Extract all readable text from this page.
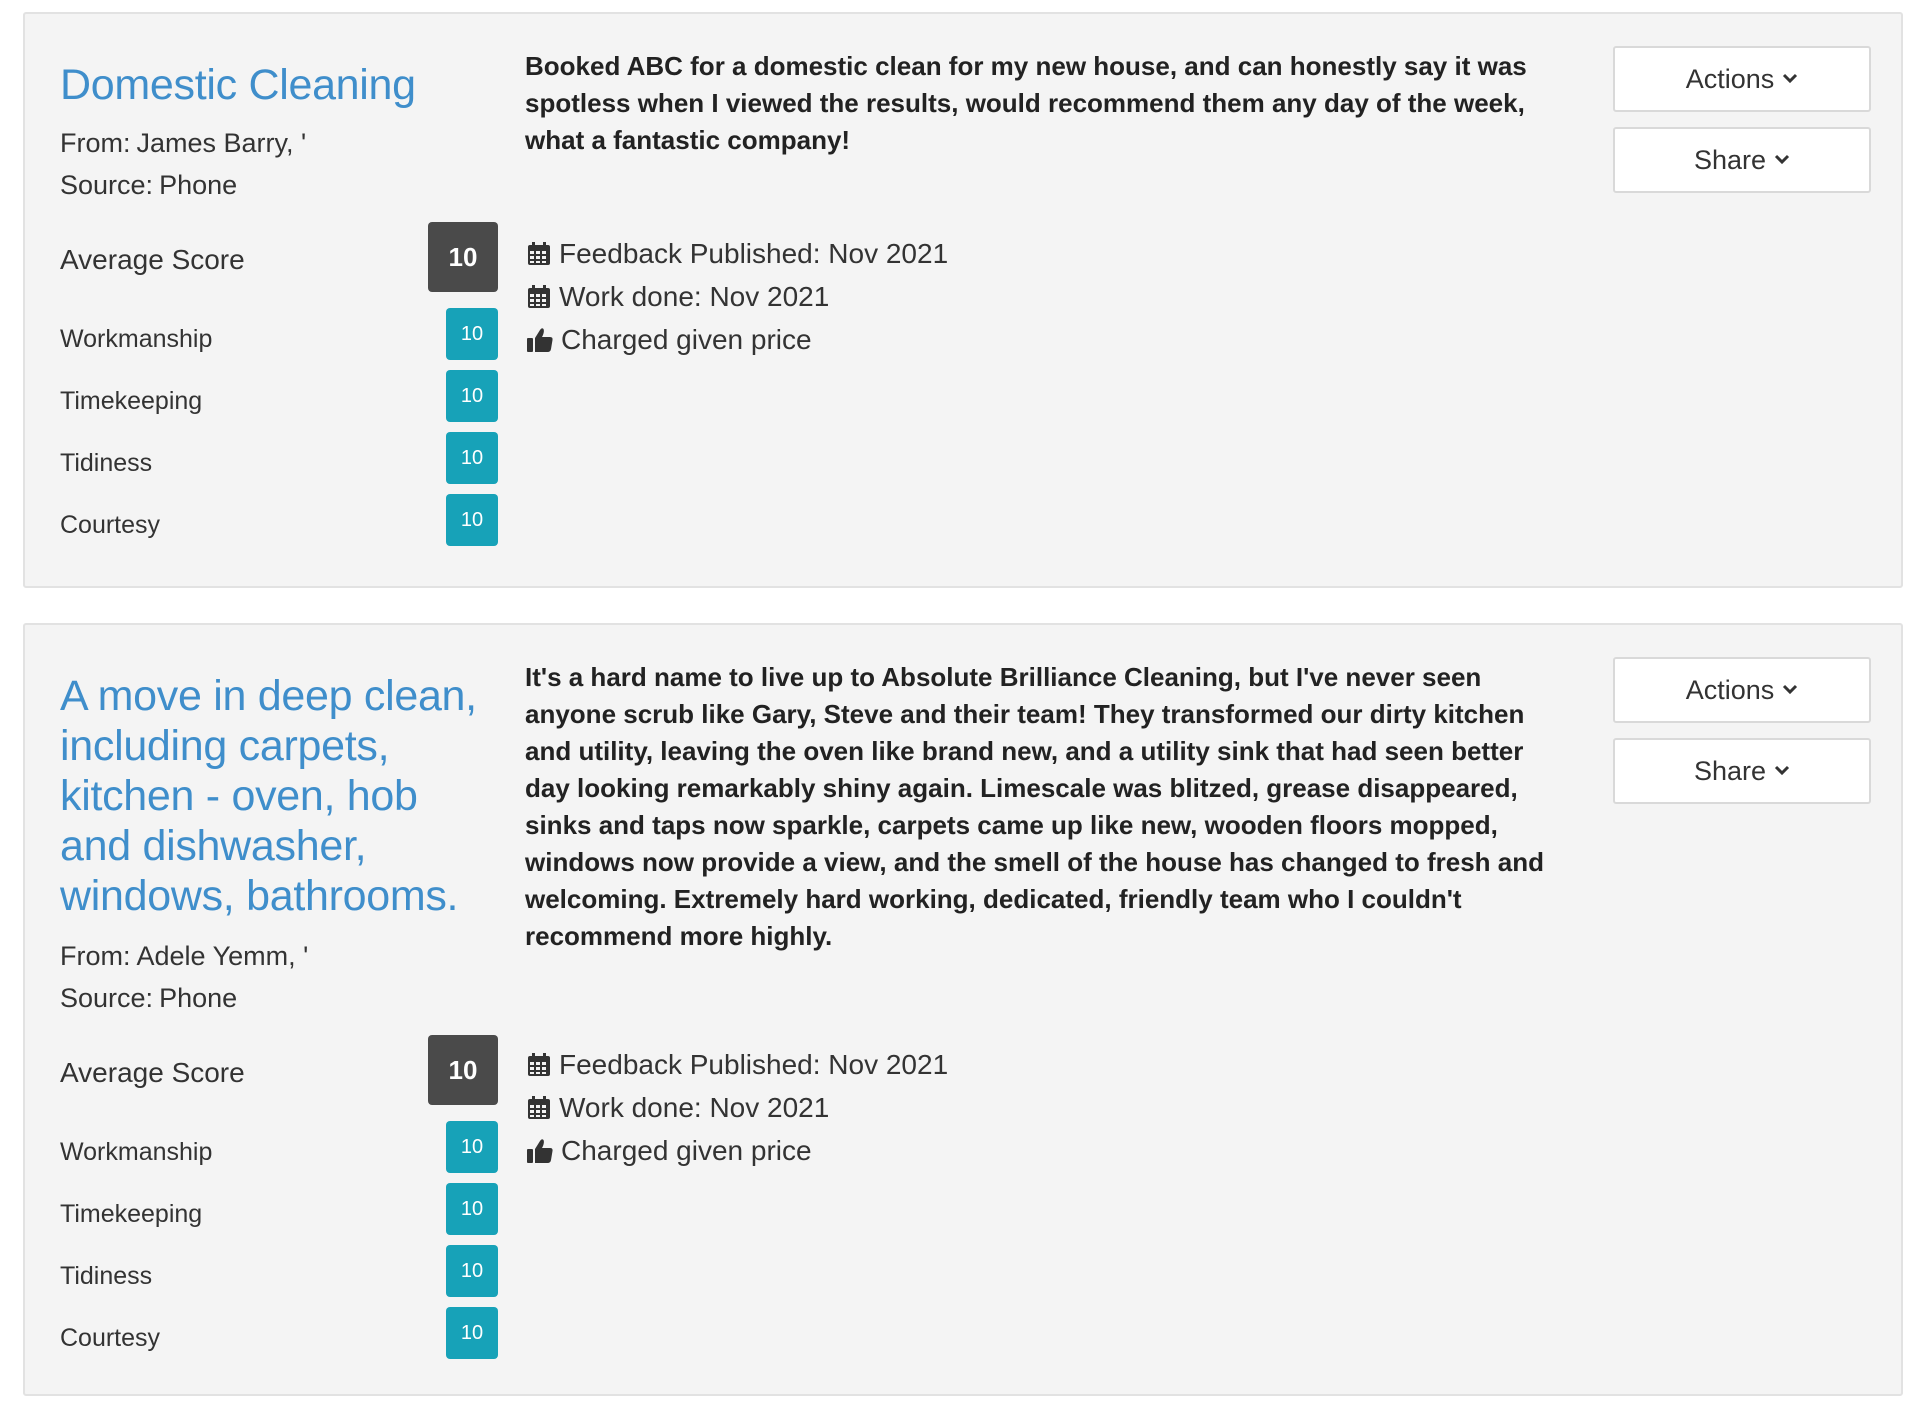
Domestic Cleaning
From: James Barry, '
Source: Phone
Average Score	10
Workmanship	10
Timekeeping	10
Tidiness	10
Courtesy	10

Booked ABC for a domestic clean for my new house, and can honestly say it was spotless when I viewed the results, would recommend them any day of the week, what a fantastic company!

Feedback Published: Nov 2021
Work done: Nov 2021
Charged given price
Actions
Share
A move in deep clean, including carpets, kitchen - oven, hob and dishwasher, windows, bathrooms.
From: Adele Yemm, '
Source: Phone
Average Score	10
Workmanship	10
Timekeeping	10
Tidiness	10
Courtesy	10

It's a hard name to live up to Absolute Brilliance Cleaning, but I've never seen anyone scrub like Gary, Steve and their team! They transformed our dirty kitchen and utility, leaving the oven like brand new, and a utility sink that had seen better day looking remarkably shiny again. Limescale was blitzed, grease disappeared, sinks and taps now sparkle, carpets came up like new, wooden floors mopped, windows now provide a view, and the smell of the house has changed to fresh and welcoming. Extremely hard working, dedicated, friendly team who I couldn't recommend more highly.

Feedback Published: Nov 2021
Work done: Nov 2021
Charged given price
Actions
Share
